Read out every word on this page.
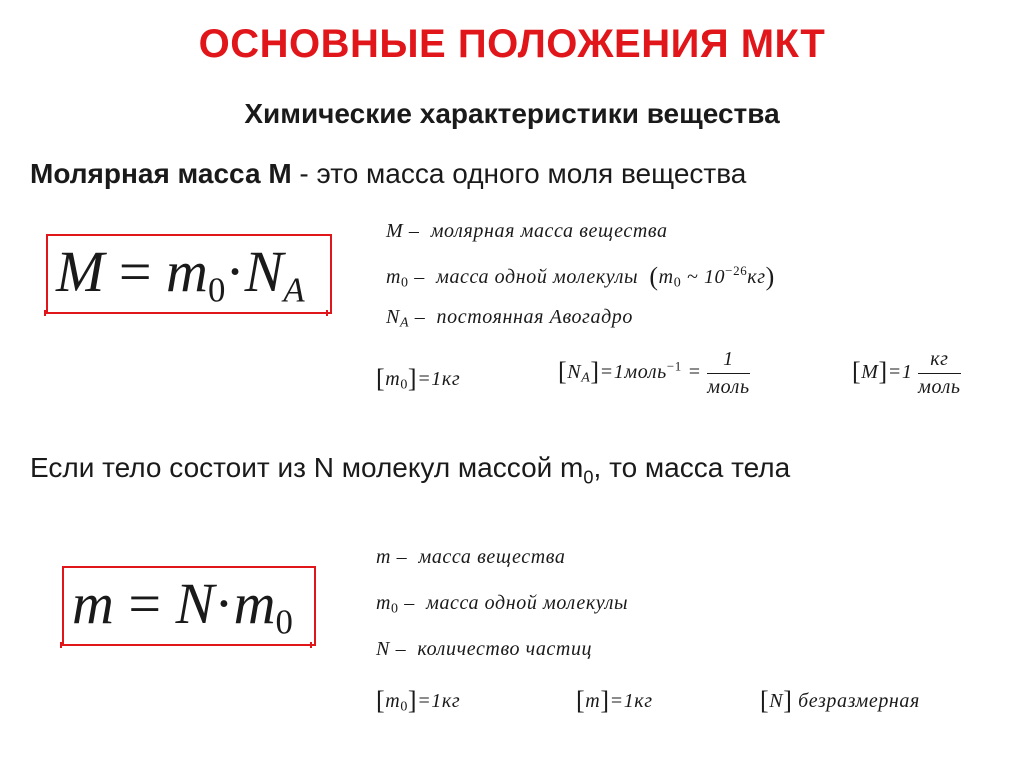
ОСНОВНЫЕ ПОЛОЖЕНИЯ МКТ
Химические характеристики вещества
Молярная масса М - это масса одного моля вещества
$M = m_0\cdot N_A$
M – молярная масса вещества
$m_0$ – масса одной молекулы ($m_0$ ~ $10^{-26}кг$)
$N_A$ – постоянная Авогадро
$[m_0]=1кг$	$[N_A]=1моль^{-1} = \frac{1}{\text{моль}}$	$[M]=1 \frac{кг}{\text{моль}}$
Если тело состоит из N молекул массой $m_0$, то масса тела
$m = N\cdot m_0$
m – масса вещества
$m_0$ – масса одной молекулы
N – количество частиц
$[m_0]=1кг$	[m]=1кг	[N] безразмерная
